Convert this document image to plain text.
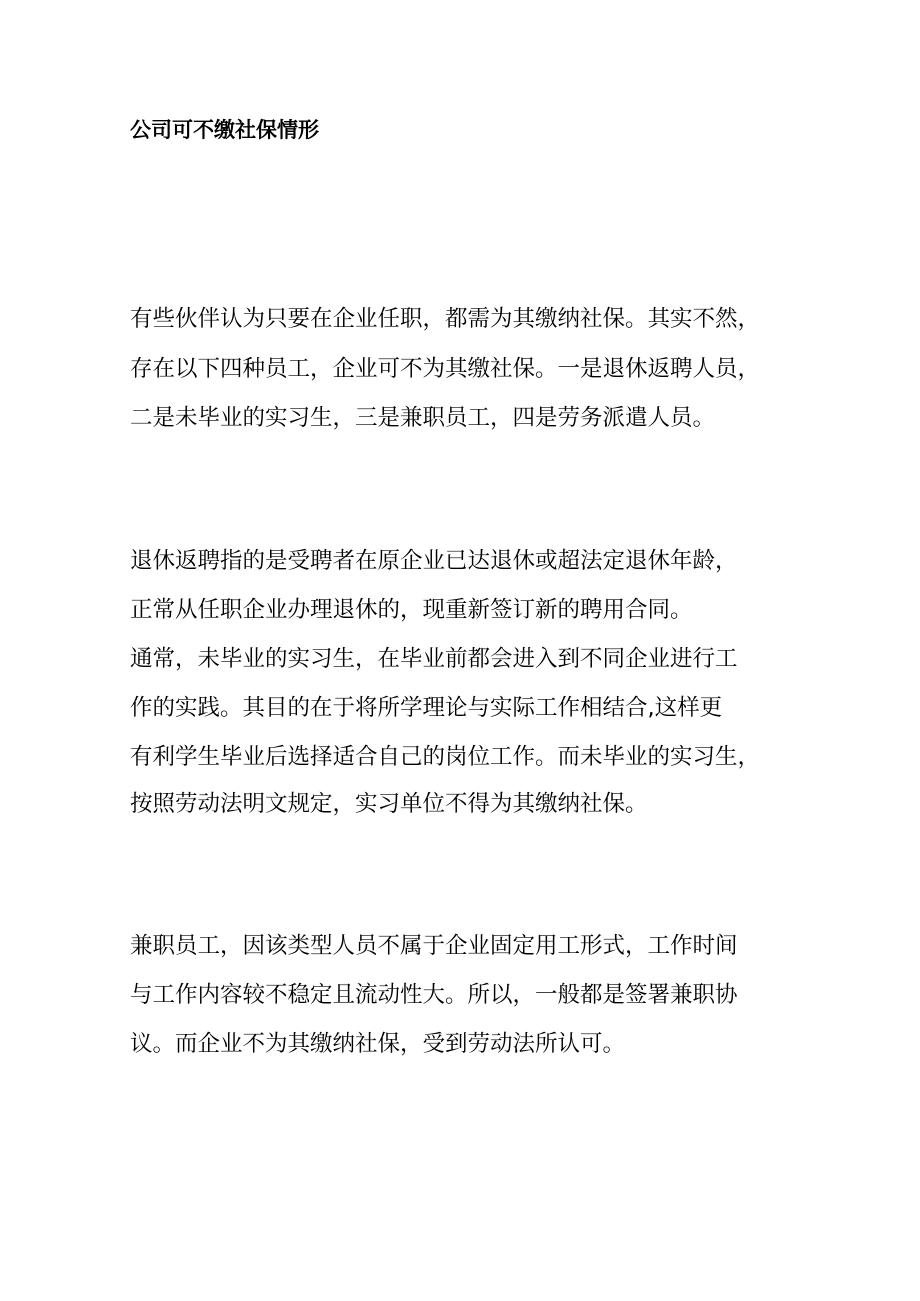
公司可不缴社保情形
有些伙伴认为只要在企业任职，都需为其缴纳社保。其实不然，
存在以下四种员工，企业可不为其缴社保。一是退休返聘人员，
二是未毕业的实习生，三是兼职员工，四是劳务派遣人员。
退休返聘指的是受聘者在原企业已达退休或超法定退休年龄，
正常从任职企业办理退休的，现重新签订新的聘用合同。
通常，未毕业的实习生，在毕业前都会进入到不同企业进行工
作的实践。其目的在于将所学理论与实际工作相结合,这样更
有利学生毕业后选择适合自己的岗位工作。而未毕业的实习生，
按照劳动法明文规定，实习单位不得为其缴纳社保。
兼职员工，因该类型人员不属于企业固定用工形式，工作时间
与工作内容较不稳定且流动性大。所以，一般都是签署兼职协
议。而企业不为其缴纳社保，受到劳动法所认可。
